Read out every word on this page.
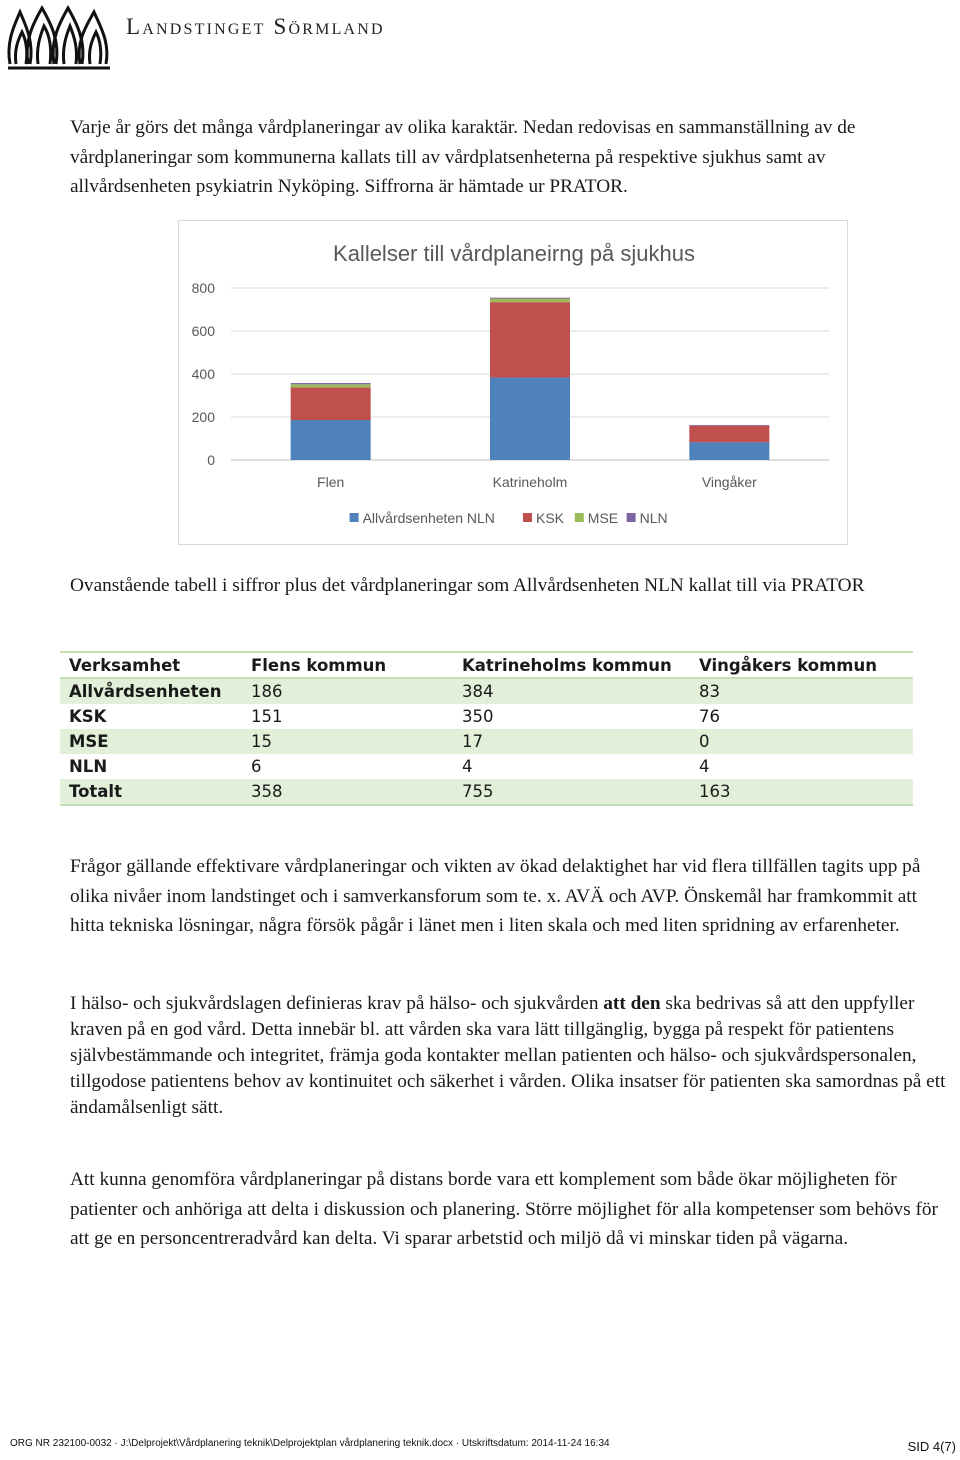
Landstinget Sörmland

Varje år görs det många vårdplaneringar av olika karaktär. Nedan redovisas en sammanställning av de vårdplaneringar som kommunerna kallats till av vårdplatsenheterna på respektive sjukhus samt av allvårdsenheten psykiatrin Nyköping. Siffrorna är hämtade ur PRATOR.

Kallelser till vårdplaneirng på sjukhus
0
200
400
600
800
Flen	Katrineholm	Vingåker
Allvårdsenheten NLN	KSK MSE NLN

Ovanstående tabell i siffror plus det vårdplaneringar som Allvårdsenheten NLN kallat till via PRATOR

Verksamhet	Flens kommun	Katrineholms kommun	Vingåkers kommun
Allvårdsenheten	186	384	83
KSK	151	350	76
MSE	15	17	0
NLN	6	4	4
Totalt	358	755	163

Frågor gällande effektivare vårdplaneringar och vikten av ökad delaktighet har vid flera tillfällen tagits upp på olika nivåer inom landstinget och i samverkansforum som te. x. AVÄ och AVP. Önskemål har framkommit att hitta tekniska lösningar, några försök pågår i länet men i liten skala och med liten spridning av erfarenheter.

I hälso- och sjukvårdslagen definieras krav på hälso- och sjukvården att den ska bedrivas så att den uppfyller kraven på en god vård. Detta innebär bl. att vården ska vara lätt tillgänglig, bygga på respekt för patientens självbestämmande och integritet, främja goda kontakter mellan patienten och hälso- och sjukvårdspersonalen, tillgodose patientens behov av kontinuitet och säkerhet i vården. Olika insatser för patienten ska samordnas på ett ändamålsenligt sätt.

Att kunna genomföra vårdplaneringar på distans borde vara ett komplement som både ökar möjligheten för patienter och anhöriga att delta i diskussion och planering. Större möjlighet för alla kompetenser som behövs för att ge en personcentreradvård kan delta. Vi sparar arbetstid och miljö då vi minskar tiden på vägarna.

ORG NR 232100-0032 · J:\Delprojekt\Vårdplanering teknik\Delprojektplan vårdplanering teknik.docx · Utskriftsdatum: 2014-11-24 16:34	SID 4(7)
